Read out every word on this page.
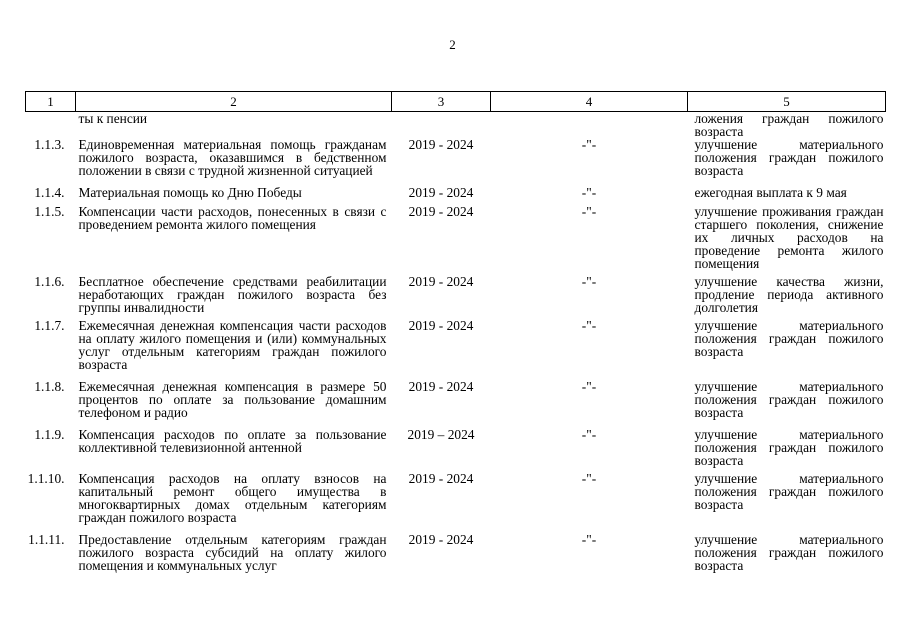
2
1	2	3	4	5
	ты к пенсии			ложения граждан пожилого возраста
1.1.3.	Единовременная материальная помощь гражданам пожилого возраста, оказавшимся в бедственном положении в связи с трудной жизненной ситуацией	2019 - 2024	-"-	улучшение материального положения граждан пожилого возраста
1.1.4.	Материальная помощь ко Дню Победы	2019 - 2024	-"-	ежегодная выплата к 9 мая
1.1.5.	Компенсации части расходов, понесенных в связи с проведением ремонта жилого помещения	2019 - 2024	-"-	улучшение проживания граждан старшего поколения, снижение их личных расходов на проведение ремонта жилого помещения
1.1.6.	Бесплатное обеспечение средствами реабилитации неработающих граждан пожилого возраста без группы инвалидности	2019 - 2024	-"-	улучшение качества жизни, продление периода активного долголетия
1.1.7.	Ежемесячная денежная компенсация части расходов на оплату жилого помещения и (или) коммунальных услуг отдельным категориям граждан пожилого возраста	2019 - 2024	-"-	улучшение материального положения граждан пожилого возраста
1.1.8.	Ежемесячная денежная компенсация в размере 50 процентов по оплате за пользование домашним телефоном и радио	2019 - 2024	-"-	улучшение материального положения граждан пожилого возраста
1.1.9.	Компенсация расходов по оплате за пользование коллективной телевизионной антенной	2019 – 2024	-"-	улучшение материального положения граждан пожилого возраста
1.1.10.	Компенсация расходов на оплату взносов на капитальный ремонт общего имущества в многоквартирных домах отдельным категориям граждан пожилого возраста	2019 - 2024	-"-	улучшение материального положения граждан пожилого возраста
1.1.11.	Предоставление отдельным категориям граждан пожилого возраста субсидий на оплату жилого помещения и коммунальных услуг	2019 - 2024	-"-	улучшение материального положения граждан пожилого возраста
